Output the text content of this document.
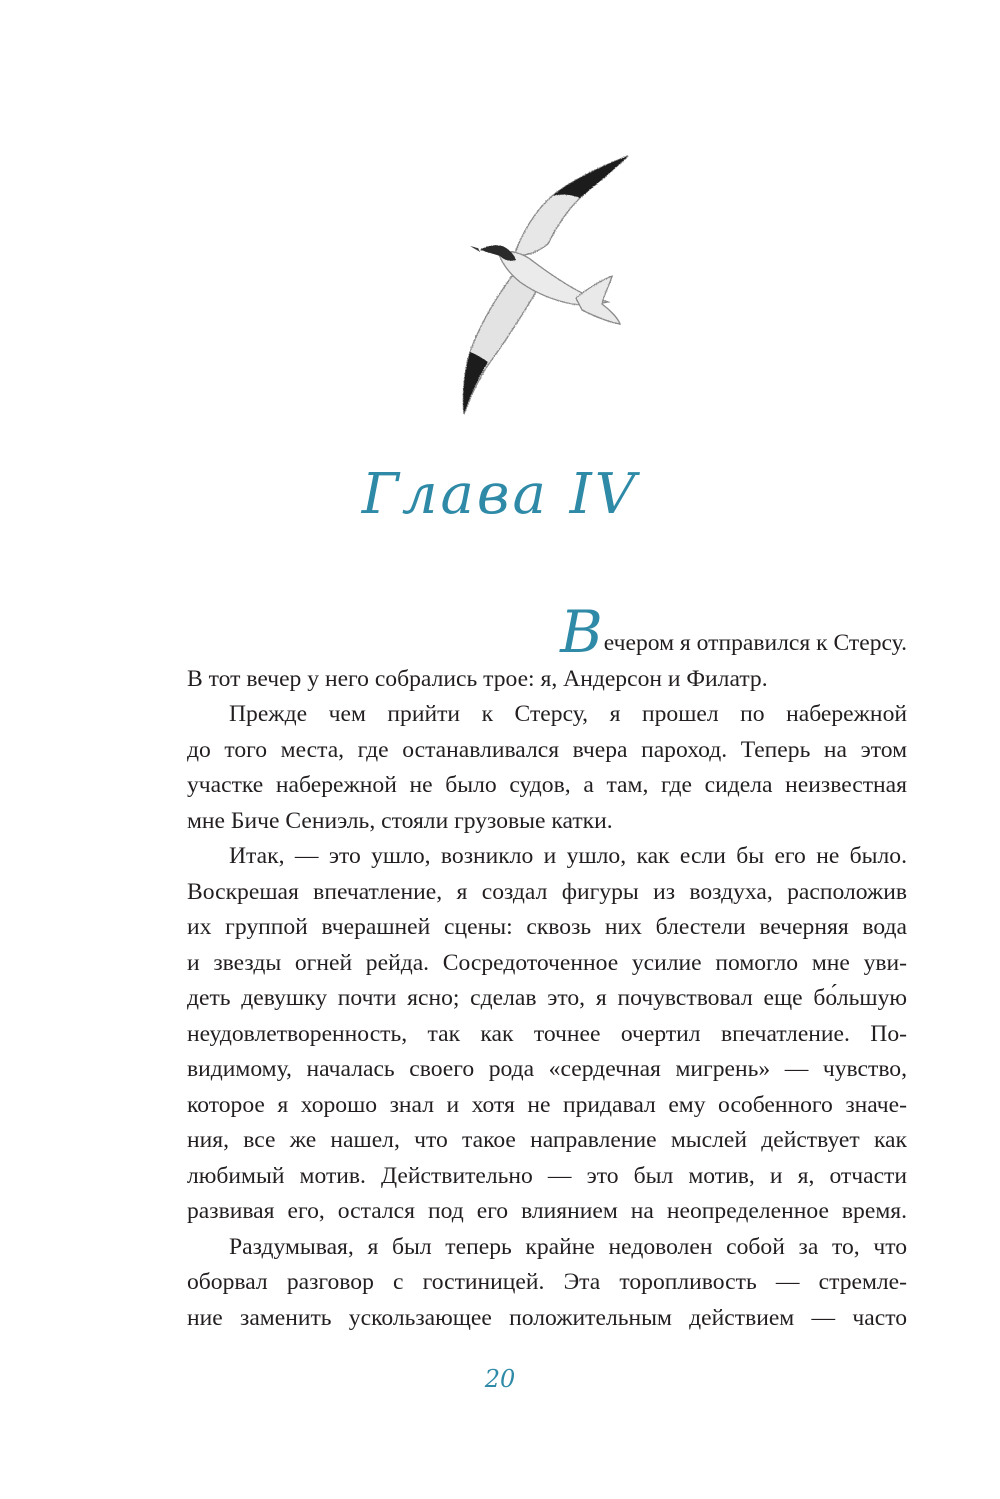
Глава IV
Вечером я отправился к Стерсу.
В тот вечер у него собрались трое: я, Андерсон и Филатр.
Прежде чем прийти к Стерсу, я прошел по набережной
до того места, где останавливался вчера пароход. Теперь на этом
участке набережной не было судов, а там, где сидела неизвестная
мне Биче Сениэль, стояли грузовые катки.
Итак, — это ушло, возникло и ушло, как если бы его не было.
Воскрешая впечатление, я создал фигуры из воздуха, расположив
их группой вчерашней сцены: сквозь них блестели вечерняя вода
и звезды огней рейда. Сосредоточенное усилие помогло мне уви-
деть девушку почти ясно; сделав это, я почувствовал еще бо́льшую
неудовлетворенность, так как точнее очертил впечатление. По-
видимому, началась своего рода «сердечная мигрень» — чувство,
которое я хорошо знал и хотя не придавал ему особенного значе-
ния, все же нашел, что такое направление мыслей действует как
любимый мотив. Действительно — это был мотив, и я, отчасти
развивая его, остался под его влиянием на неопределенное время.
Раздумывая, я был теперь крайне недоволен собой за то, что
оборвал разговор с гостиницей. Эта торопливость — стремле-
ние заменить ускользающее положительным действием — часто
20
